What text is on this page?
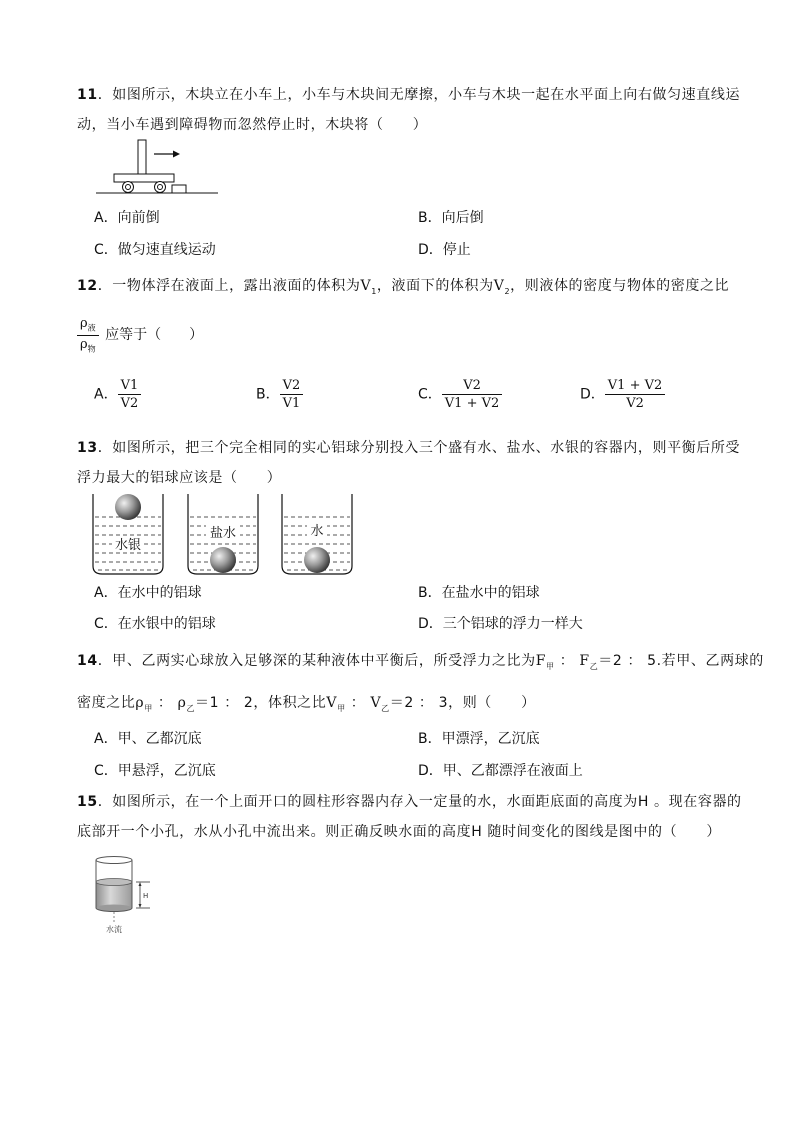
11．如图所示，木块立在小车上，小车与木块间无摩擦，小车与木块一起在水平面上向右做匀速直线运
动，当小车遇到障碍物而忽然停止时，木块将（　　）
A．向前倒	B．向后倒
C．做匀速直线运动	D．停止
12．一物体浮在液面上，露出液面的体积为$V_1$，液面下的体积为$V_2$，则液体的密度与物体的密度之比
$\frac{\rho_液}{\rho_物}$ 应等于（　　）
A． $\frac{V1}{V2}$	B． $\frac{V2}{V1}$	C． $\frac{V2}{V1 + V2}$	D． $\frac{V1 + V2}{V2}$
13．如图所示，把三个完全相同的实心铝球分别投入三个盛有水、盐水、水银的容器内，则平衡后所受
浮力最大的铝球应该是（　　）
水银
盐水	水
A．在水中的铝球	B．在盐水中的铝球
C．在水银中的铝球	D．三个铝球的浮力一样大
14．甲、乙两实心球放入足够深的某种液体中平衡后，所受浮力之比为$F_甲$ ： $F_乙=2$ ： 5.若甲、乙两球的
密度之比$\rho_甲$ ： $\rho_乙=1$ ： 2，体积之比$V_甲$ ： $V_乙=2$ ： 3，则（　　）
A．甲、乙都沉底	B．甲漂浮，乙沉底
C．甲悬浮，乙沉底	D．甲、乙都漂浮在液面上
15．如图所示，在一个上面开口的圆柱形容器内存入一定量的水，水面距底面的高度为H 。现在容器的
底部开一个小孔，水从小孔中流出来。则正确反映水面的高度H 随时间变化的图线是图中的（　　）
H
水流
